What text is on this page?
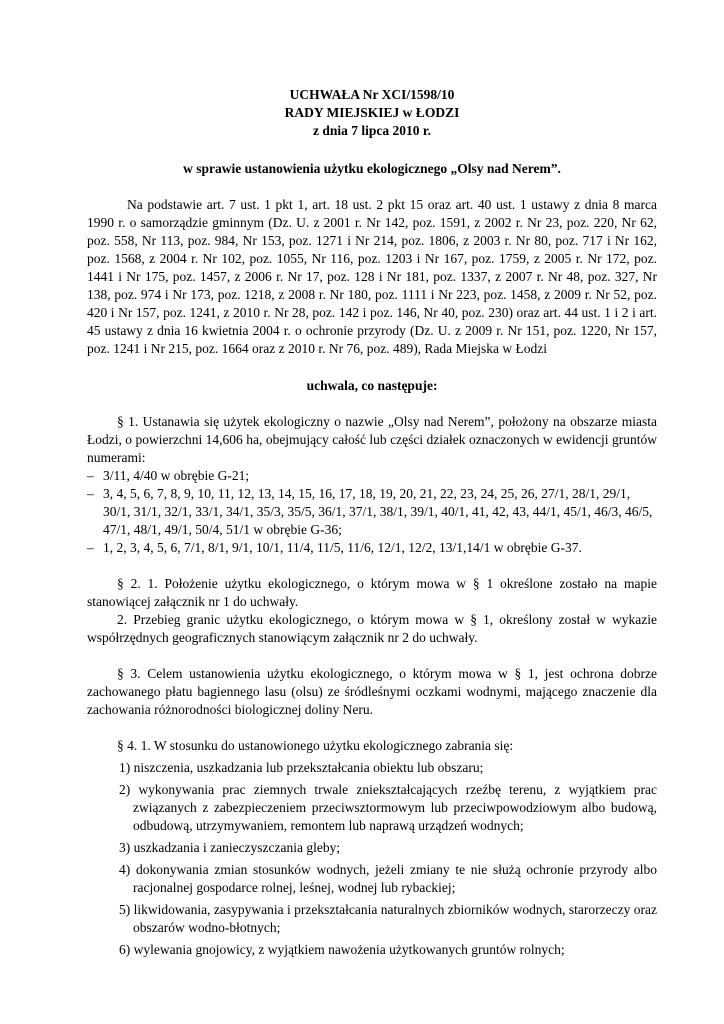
UCHWAŁA Nr XCI/1598/10
RADY MIEJSKIEJ w ŁODZI
z dnia 7 lipca 2010 r.
w sprawie ustanowienia użytku ekologicznego „Olsy nad Nerem”.
Na podstawie art. 7 ust. 1 pkt 1, art. 18 ust. 2 pkt 15 oraz art. 40 ust. 1 ustawy z dnia 8 marca 1990 r. o samorządzie gminnym (Dz. U. z 2001 r. Nr 142, poz. 1591, z 2002 r. Nr 23, poz. 220, Nr 62, poz. 558, Nr 113, poz. 984, Nr 153, poz. 1271 i Nr 214, poz. 1806, z 2003 r. Nr 80, poz. 717 i Nr 162, poz. 1568, z 2004 r. Nr 102, poz. 1055, Nr 116, poz. 1203 i Nr 167, poz. 1759, z 2005 r. Nr 172, poz. 1441 i Nr 175, poz. 1457, z 2006 r. Nr 17, poz. 128 i Nr 181, poz. 1337, z 2007 r. Nr 48, poz. 327, Nr 138, poz. 974 i Nr 173, poz. 1218, z 2008 r. Nr 180, poz. 1111 i Nr 223, poz. 1458, z 2009 r. Nr 52, poz. 420 i Nr 157, poz. 1241, z 2010 r. Nr 28, poz. 142 i poz. 146, Nr 40, poz. 230) oraz art. 44 ust. 1 i 2 i art. 45 ustawy z dnia 16 kwietnia 2004 r. o ochronie przyrody (Dz. U. z 2009 r. Nr 151, poz. 1220, Nr 157, poz. 1241 i Nr 215, poz. 1664 oraz z 2010 r. Nr 76, poz. 489), Rada Miejska w Łodzi
uchwala, co następuje:
§ 1. Ustanawia się użytek ekologiczny o nazwie „Olsy nad Nerem”, położony na obszarze miasta Łodzi, o powierzchni 14,606 ha, obejmujący całość lub części działek oznaczonych w ewidencji gruntów numerami:
– 3/11, 4/40 w obrębie G-21;
– 3, 4, 5, 6, 7, 8, 9, 10, 11, 12, 13, 14, 15, 16, 17, 18, 19, 20, 21, 22, 23, 24, 25, 26, 27/1, 28/1, 29/1, 30/1, 31/1, 32/1, 33/1, 34/1, 35/3, 35/5, 36/1, 37/1, 38/1, 39/1, 40/1, 41, 42, 43, 44/1, 45/1, 46/3, 46/5, 47/1, 48/1, 49/1, 50/4, 51/1 w obrębie G-36;
– 1, 2, 3, 4, 5, 6, 7/1, 8/1, 9/1, 10/1, 11/4, 11/5, 11/6, 12/1, 12/2, 13/1,14/1 w obrębie G-37.
§ 2. 1. Położenie użytku ekologicznego, o którym mowa w § 1 określone zostało na mapie stanowiącej załącznik nr 1 do uchwały.
2. Przebieg granic użytku ekologicznego, o którym mowa w § 1, określony został w wykazie współrzędnych geograficznych stanowiącym załącznik nr 2 do uchwały.
§ 3. Celem ustanowienia użytku ekologicznego, o którym mowa w § 1, jest ochrona dobrze zachowanego płatu bagiennego lasu (olsu) ze śródleśnymi oczkami wodnymi, mającego znaczenie dla zachowania różnorodności biologicznej doliny Neru.
§ 4. 1. W stosunku do ustanowionego użytku ekologicznego zabrania się:
1) niszczenia, uszkadzania lub przekształcania obiektu lub obszaru;
2) wykonywania prac ziemnych trwale zniekształcających rzeźbę terenu, z wyjątkiem prac związanych z zabezpieczeniem przeciwsztormowym lub przeciwpowodziowym albo budową, odbudową, utrzymywaniem, remontem lub naprawą urządzeń wodnych;
3) uszkadzania i zanieczyszczania gleby;
4) dokonywania zmian stosunków wodnych, jeżeli zmiany te nie służą ochronie przyrody albo racjonalnej gospodarce rolnej, leśnej, wodnej lub rybackiej;
5) likwidowania, zasypywania i przekształcania naturalnych zbiorników wodnych, starorzeczy oraz obszarów wodno-błotnych;
6) wylewania gnojowicy, z wyjątkiem nawożenia użytkowanych gruntów rolnych;
